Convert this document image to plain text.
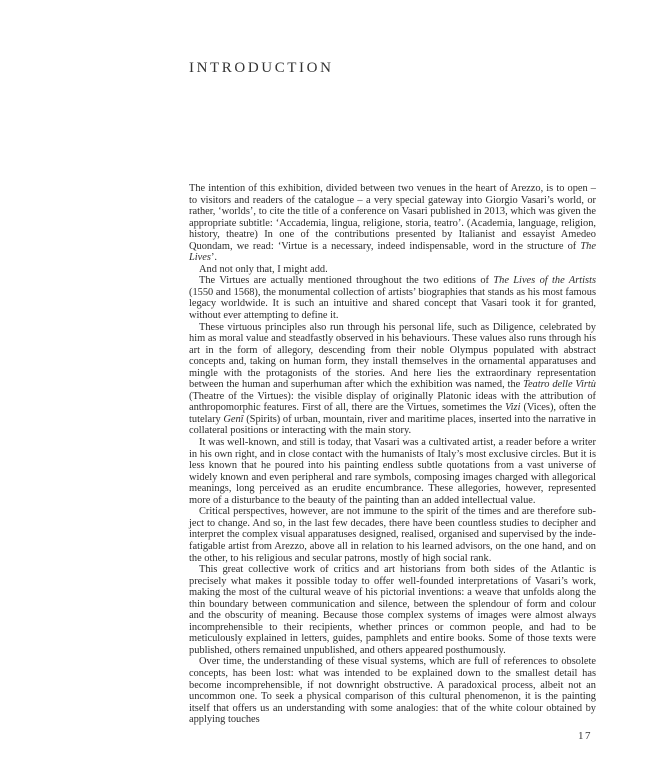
INTRODUCTION

The intention of this exhibition, divided between two venues in the heart of Arezzo, is to open – to visitors and readers of the catalogue – a very special gateway into Giorgio Vasari’s world, or rather, ‘worlds’, to cite the title of a conference on Vasari published in 2013, which was given the appropriate subtitle: ‘Accademia, lingua, religione, storia, teatro’. (Academia, language, religion, history, theatre) In one of the contributions presented by Italianist and essayist Amedeo Quondam, we read: ‘Virtue is a necessary, indeed indispensable, word in the structure of The Lives’.

And not only that, I might add.

The Virtues are actually mentioned throughout the two editions of The Lives of the Artists (1550 and 1568), the monumental collection of artists’ biographies that stands as his most famous legacy worldwide. It is such an intuitive and shared concept that Vasari took it for granted, without ever attempting to define it.

These virtuous principles also run through his personal life, such as Diligence, celebrated by him as moral value and steadfastly observed in his behaviours. These values also runs through his art in the form of allegory, descending from their noble Olympus populated with abstract concepts and, taking on human form, they install themselves in the ornamental apparatuses and mingle with the protagonists of the stories. And here lies the extraordinary representation between the human and superhuman after which the exhibition was named, the Teatro delle Virtù (Theatre of the Virtues): the visible display of originally Platonic ideas with the attribution of anthropomorphic features. First of all, there are the Virtues, sometimes the Vizi (Vices), often the tutelary Genî (Spirits) of urban, mountain, river and maritime places, inserted into the narrative in collateral positions or interacting with the main story.

It was well-known, and still is today, that Vasari was a cultivated artist, a reader before a writer in his own right, and in close contact with the humanists of Italy’s most exclusive circles. But it is less known that he poured into his painting endless subtle quotations from a vast universe of widely known and even peripheral and rare symbols, composing images charged with allegorical meanings, long perceived as an erudite encumbrance. These allegories, however, represented more of a disturbance to the beauty of the painting than an added intellectual value.

Critical perspectives, however, are not immune to the spirit of the times and are therefore subject to change. And so, in the last few decades, there have been countless studies to decipher and interpret the complex visual apparatuses designed, realised, organised and supervised by the indefatigable artist from Arezzo, above all in relation to his learned advisors, on the one hand, and on the other, to his religious and secular patrons, mostly of high social rank.

This great collective work of critics and art historians from both sides of the Atlantic is precisely what makes it possible today to offer well-founded interpretations of Vasari’s work, making the most of the cultural weave of his pictorial inventions: a weave that unfolds along the thin boundary between communication and silence, between the splendour of form and colour and the obscurity of meaning. Because those complex systems of images were almost always incomprehensible to their recipients, whether princes or common people, and had to be meticulously explained in letters, guides, pamphlets and entire books. Some of those texts were published, others remained unpublished, and others appeared posthumously.

Over time, the understanding of these visual systems, which are full of references to obsolete concepts, has been lost: what was intended to be explained down to the smallest detail has become incomprehensible, if not downright obstructive. A paradoxical process, albeit not an uncommon one. To seek a physical comparison of this cultural phenomenon, it is the painting itself that offers us an understanding with some analogies: that of the white colour obtained by applying touches

17
